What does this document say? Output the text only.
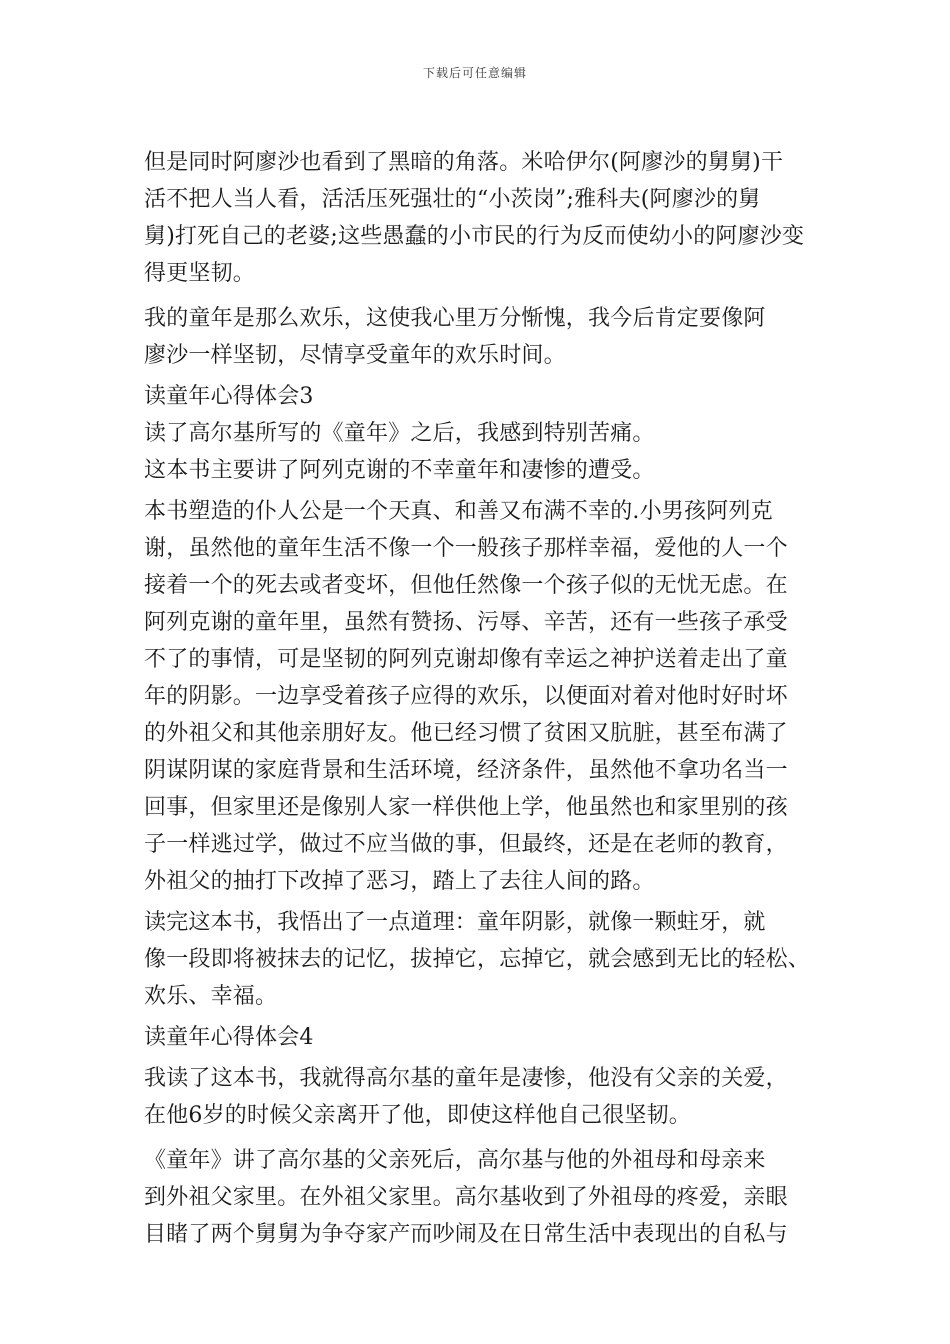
下载后可任意编辑
但是同时阿廖沙也看到了黑暗的角落。米哈伊尔(阿廖沙的舅舅)干
活不把人当人看，活活压死强壮的“小茨岗”;雅科夫(阿廖沙的舅
舅)打死自己的老婆;这些愚蠢的小市民的行为反而使幼小的阿廖沙变
得更坚韧。
我的童年是那么欢乐，这使我心里万分惭愧，我今后肯定要像阿
廖沙一样坚韧，尽情享受童年的欢乐时间。
读童年心得体会3
读了高尔基所写的《童年》之后，我感到特别苦痛。
这本书主要讲了阿列克谢的不幸童年和凄惨的遭受。
本书塑造的仆人公是一个天真、和善又布满不幸的.小男孩阿列克
谢，虽然他的童年生活不像一个一般孩子那样幸福，爱他的人一个
接着一个的死去或者变坏，但他任然像一个孩子似的无忧无虑。在
阿列克谢的童年里，虽然有赞扬、污辱、辛苦，还有一些孩子承受
不了的事情，可是坚韧的阿列克谢却像有幸运之神护送着走出了童
年的阴影。一边享受着孩子应得的欢乐，以便面对着对他时好时坏
的外祖父和其他亲朋好友。他已经习惯了贫困又肮脏，甚至布满了
阴谋阴谋的家庭背景和生活环境，经济条件，虽然他不拿功名当一
回事，但家里还是像别人家一样供他上学，他虽然也和家里别的孩
子一样逃过学，做过不应当做的事，但最终，还是在老师的教育，
外祖父的抽打下改掉了恶习，踏上了去往人间的路。
读完这本书，我悟出了一点道理：童年阴影，就像一颗蛀牙，就
像一段即将被抹去的记忆，拔掉它，忘掉它，就会感到无比的轻松、
欢乐、幸福。
读童年心得体会4
我读了这本书，我就得高尔基的童年是凄惨，他没有父亲的关爱，
在他6岁的时候父亲离开了他，即使这样他自己很坚韧。
《童年》讲了高尔基的父亲死后，高尔基与他的外祖母和母亲来
到外祖父家里。在外祖父家里。高尔基收到了外祖母的疼爱，亲眼
目睹了两个舅舅为争夺家产而吵闹及在日常生活中表现出的自私与
